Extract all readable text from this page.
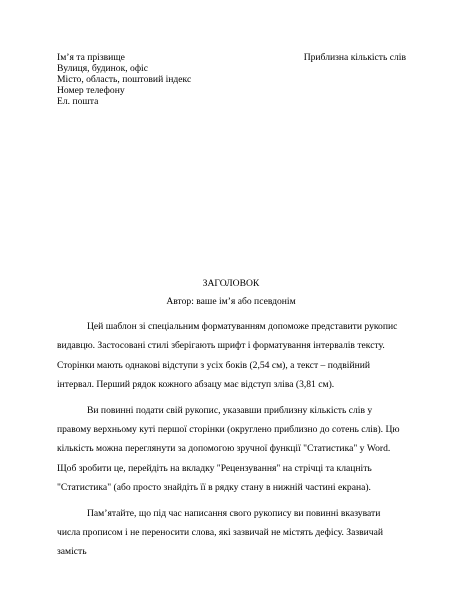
Ім’я та прізвище
Вулиця, будинок, офіс
Місто, область, поштовий індекс
Номер телефону
Ел. пошта
Приблизна кількість слів
ЗАГОЛОВОК
Автор: ваше ім’я або псевдонім

Цей шаблон зі спеціальним форматуванням допоможе представити рукопис видавцю. Застосовані стилі зберігають шрифт і форматування інтервалів тексту. Сторінки мають однакові відступи з усіх боків (2,54 см), а текст – подвійний інтервал. Перший рядок кожного абзацу має відступ зліва (3,81 см).

Ви повинні подати свій рукопис, указавши приблизну кількість слів у правому верхньому куті першої сторінки (округлено приблизно до сотень слів). Цю кількість можна переглянути за допомогою зручної функції "Статистика" у Word. Щоб зробити це, перейдіть на вкладку "Рецензування" на стрічці та клацніть "Статистика" (або просто знайдіть її в рядку стану в нижній частині екрана).

Пам’ятайте, що під час написання свого рукопису ви повинні вказувати числа прописом і не переносити слова, які зазвичай не містять дефісу. Зазвичай замість
